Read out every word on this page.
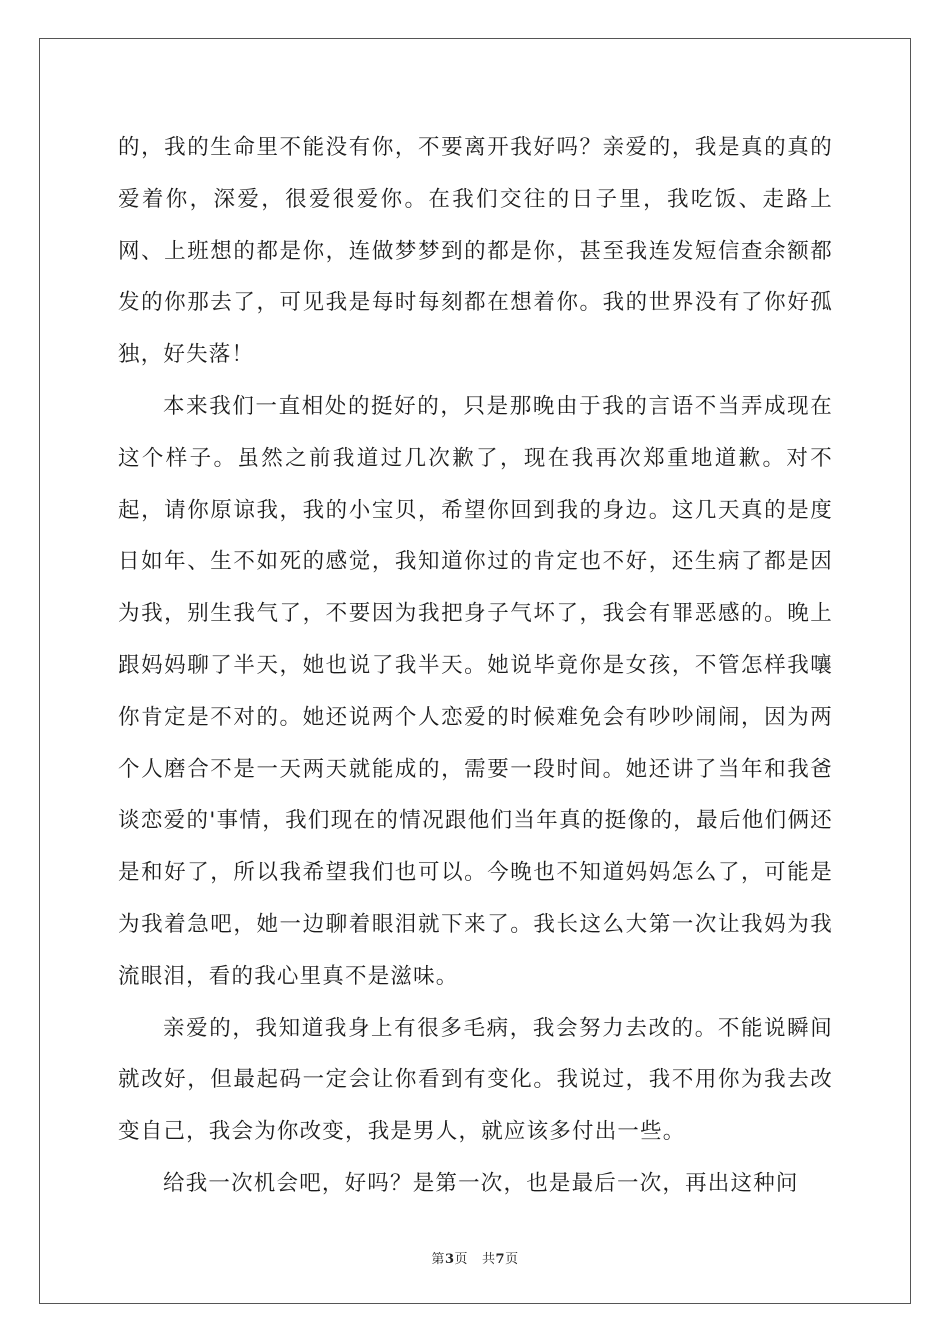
的，我的生命里不能没有你，不要离开我好吗？亲爱的，我是真的真的爱着你，深爱，很爱很爱你。在我们交往的日子里，我吃饭、走路上网、上班想的都是你，连做梦梦到的都是你，甚至我连发短信查余额都发的你那去了，可见我是每时每刻都在想着你。我的世界没有了你好孤独，好失落！

本来我们一直相处的挺好的，只是那晚由于我的言语不当弄成现在这个样子。虽然之前我道过几次歉了，现在我再次郑重地道歉。对不起，请你原谅我，我的小宝贝，希望你回到我的身边。这几天真的是度日如年、生不如死的感觉，我知道你过的肯定也不好，还生病了都是因为我，别生我气了，不要因为我把身子气坏了，我会有罪恶感的。晚上跟妈妈聊了半天，她也说了我半天。她说毕竟你是女孩，不管怎样我嚷你肯定是不对的。她还说两个人恋爱的时候难免会有吵吵闹闹，因为两个人磨合不是一天两天就能成的，需要一段时间。她还讲了当年和我爸谈恋爱的'事情，我们现在的情况跟他们当年真的挺像的，最后他们俩还是和好了，所以我希望我们也可以。今晚也不知道妈妈怎么了，可能是为我着急吧，她一边聊着眼泪就下来了。我长这么大第一次让我妈为我流眼泪，看的我心里真不是滋味。

亲爱的，我知道我身上有很多毛病，我会努力去改的。不能说瞬间就改好，但最起码一定会让你看到有变化。我说过，我不用你为我去改变自己，我会为你改变，我是男人，就应该多付出一些。

给我一次机会吧，好吗？是第一次，也是最后一次，再出这种问

第3页 共7页
